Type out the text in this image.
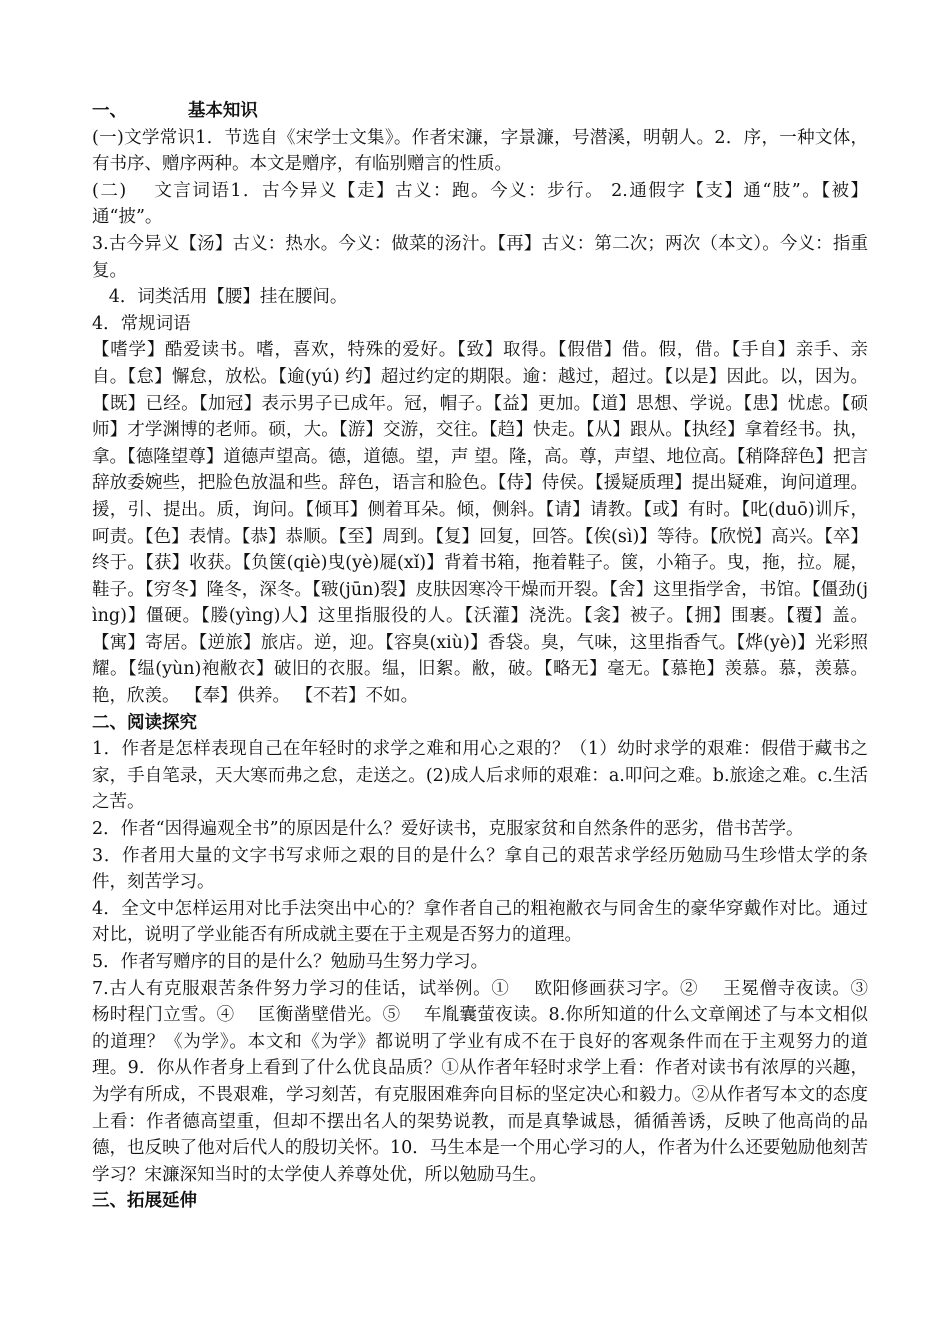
一、          基本知识

(一)文学常识1．节选自《宋学士文集》。作者宋濂，字景濂，号潜溪，明朝人。2．序，一种文体，有书序、赠序两种。本文是赠序，有临别赠言的性质。

(二)    文言词语1．古今异义【走】古义：跑。今义：步行。 2.通假字【支】通“肢”。【被】通“披”。

3.古今异义【汤】古义：热水。今义：做菜的汤汁。【再】古义：第二次；两次（本文）。今义：指重复。

4．词类活用【腰】挂在腰间。

4．常规词语

【嗜学】酷爱读书。嗜，喜欢，特殊的爱好。【致】取得。【假借】借。假，借。【手自】亲手、亲自。【怠】懈怠，放松。【逾(yú) 约】超过约定的期限。逾：越过，超过。【以是】因此。以，因为。【既】已经。【加冠】表示男子已成年。冠，帽子。【益】更加。【道】思想、学说。【患】忧虑。【硕师】才学渊博的老师。硕，大。【游】交游，交往。【趋】快走。【从】跟从。【执经】拿着经书。执，拿。【德隆望尊】道德声望高。德，道德。望，声 望。隆，高。尊，声望、地位高。【稍降辞色】把言辞放委婉些，把脸色放温和些。辞色，语言和脸色。【侍】侍侯。【援疑质理】提出疑难，询问道理。援，引、提出。质，询问。【倾耳】侧着耳朵。倾，侧斜。【请】请教。【或】有时。【叱(duō)训斥，呵责。【色】表情。【恭】恭顺。【至】周到。【复】回复，回答。【俟(sì)】等待。【欣悦】高兴。【卒】终于。【获】收获。【负箧(qiè)曳(yè)屣(xǐ)】背着书箱，拖着鞋子。箧，小箱子。曳，拖，拉。屣，鞋子。【穷冬】隆冬，深冬。【皲(jūn)裂】皮肤因寒冷干燥而开裂。【舍】这里指学舍，书馆。【僵劲(jìng)】僵硬。【媵(yìng)人】这里指服役的人。【沃灌】浇洗。【衾】被子。【拥】围裹。【覆】盖。【寓】寄居。【逆旅】旅店。逆，迎。【容臭(xiù)】香袋。臭，气味，这里指香气。【烨(yè)】光彩照耀。【缊(yùn)袍敝衣】破旧的衣服。缊，旧絮。敝，破。【略无】毫无。【慕艳】羡慕。慕，羡慕。艳，欣羡。 【奉】供养。 【不若】不如。

二、阅读探究

1．作者是怎样表现自己在年轻时的求学之难和用心之艰的？（1）幼时求学的艰难：假借于藏书之家，手自笔录，天大寒而弗之怠，走送之。(2)成人后求师的艰难：a.叩问之难。b.旅途之难。c.生活之苦。

2．作者“因得遍观全书”的原因是什么？爱好读书，克服家贫和自然条件的恶劣，借书苦学。

3．作者用大量的文字书写求师之艰的目的是什么？拿自己的艰苦求学经历勉励马生珍惜太学的条件，刻苦学习。

4．全文中怎样运用对比手法突出中心的？拿作者自己的粗袍敝衣与同舍生的豪华穿戴作对比。通过对比，说明了学业能否有所成就主要在于主观是否努力的道理。

5．作者写赠序的目的是什么？勉励马生努力学习。

7.古人有克服艰苦条件努力学习的佳话，试举例。①    欧阳修画获习字。②    王冕僧寺夜读。③    杨时程门立雪。④    匡衡凿壁借光。⑤    车胤囊萤夜读。8.你所知道的什么文章阐述了与本文相似的道理？《为学》。本文和《为学》都说明了学业有成不在于良好的客观条件而在于主观努力的道理。9．你从作者身上看到了什么优良品质？①从作者年轻时求学上看：作者对读书有浓厚的兴趣，为学有所成，不畏艰难，学习刻苦，有克服困难奔向目标的坚定决心和毅力。②从作者写本文的态度上看：作者德高望重，但却不摆出名人的架势说教，而是真挚诚恳，循循善诱，反映了他高尚的品德，也反映了他对后代人的殷切关怀。10．马生本是一个用心学习的人，作者为什么还要勉励他刻苦学习？宋濂深知当时的太学使人养尊处优，所以勉励马生。

三、拓展延伸
